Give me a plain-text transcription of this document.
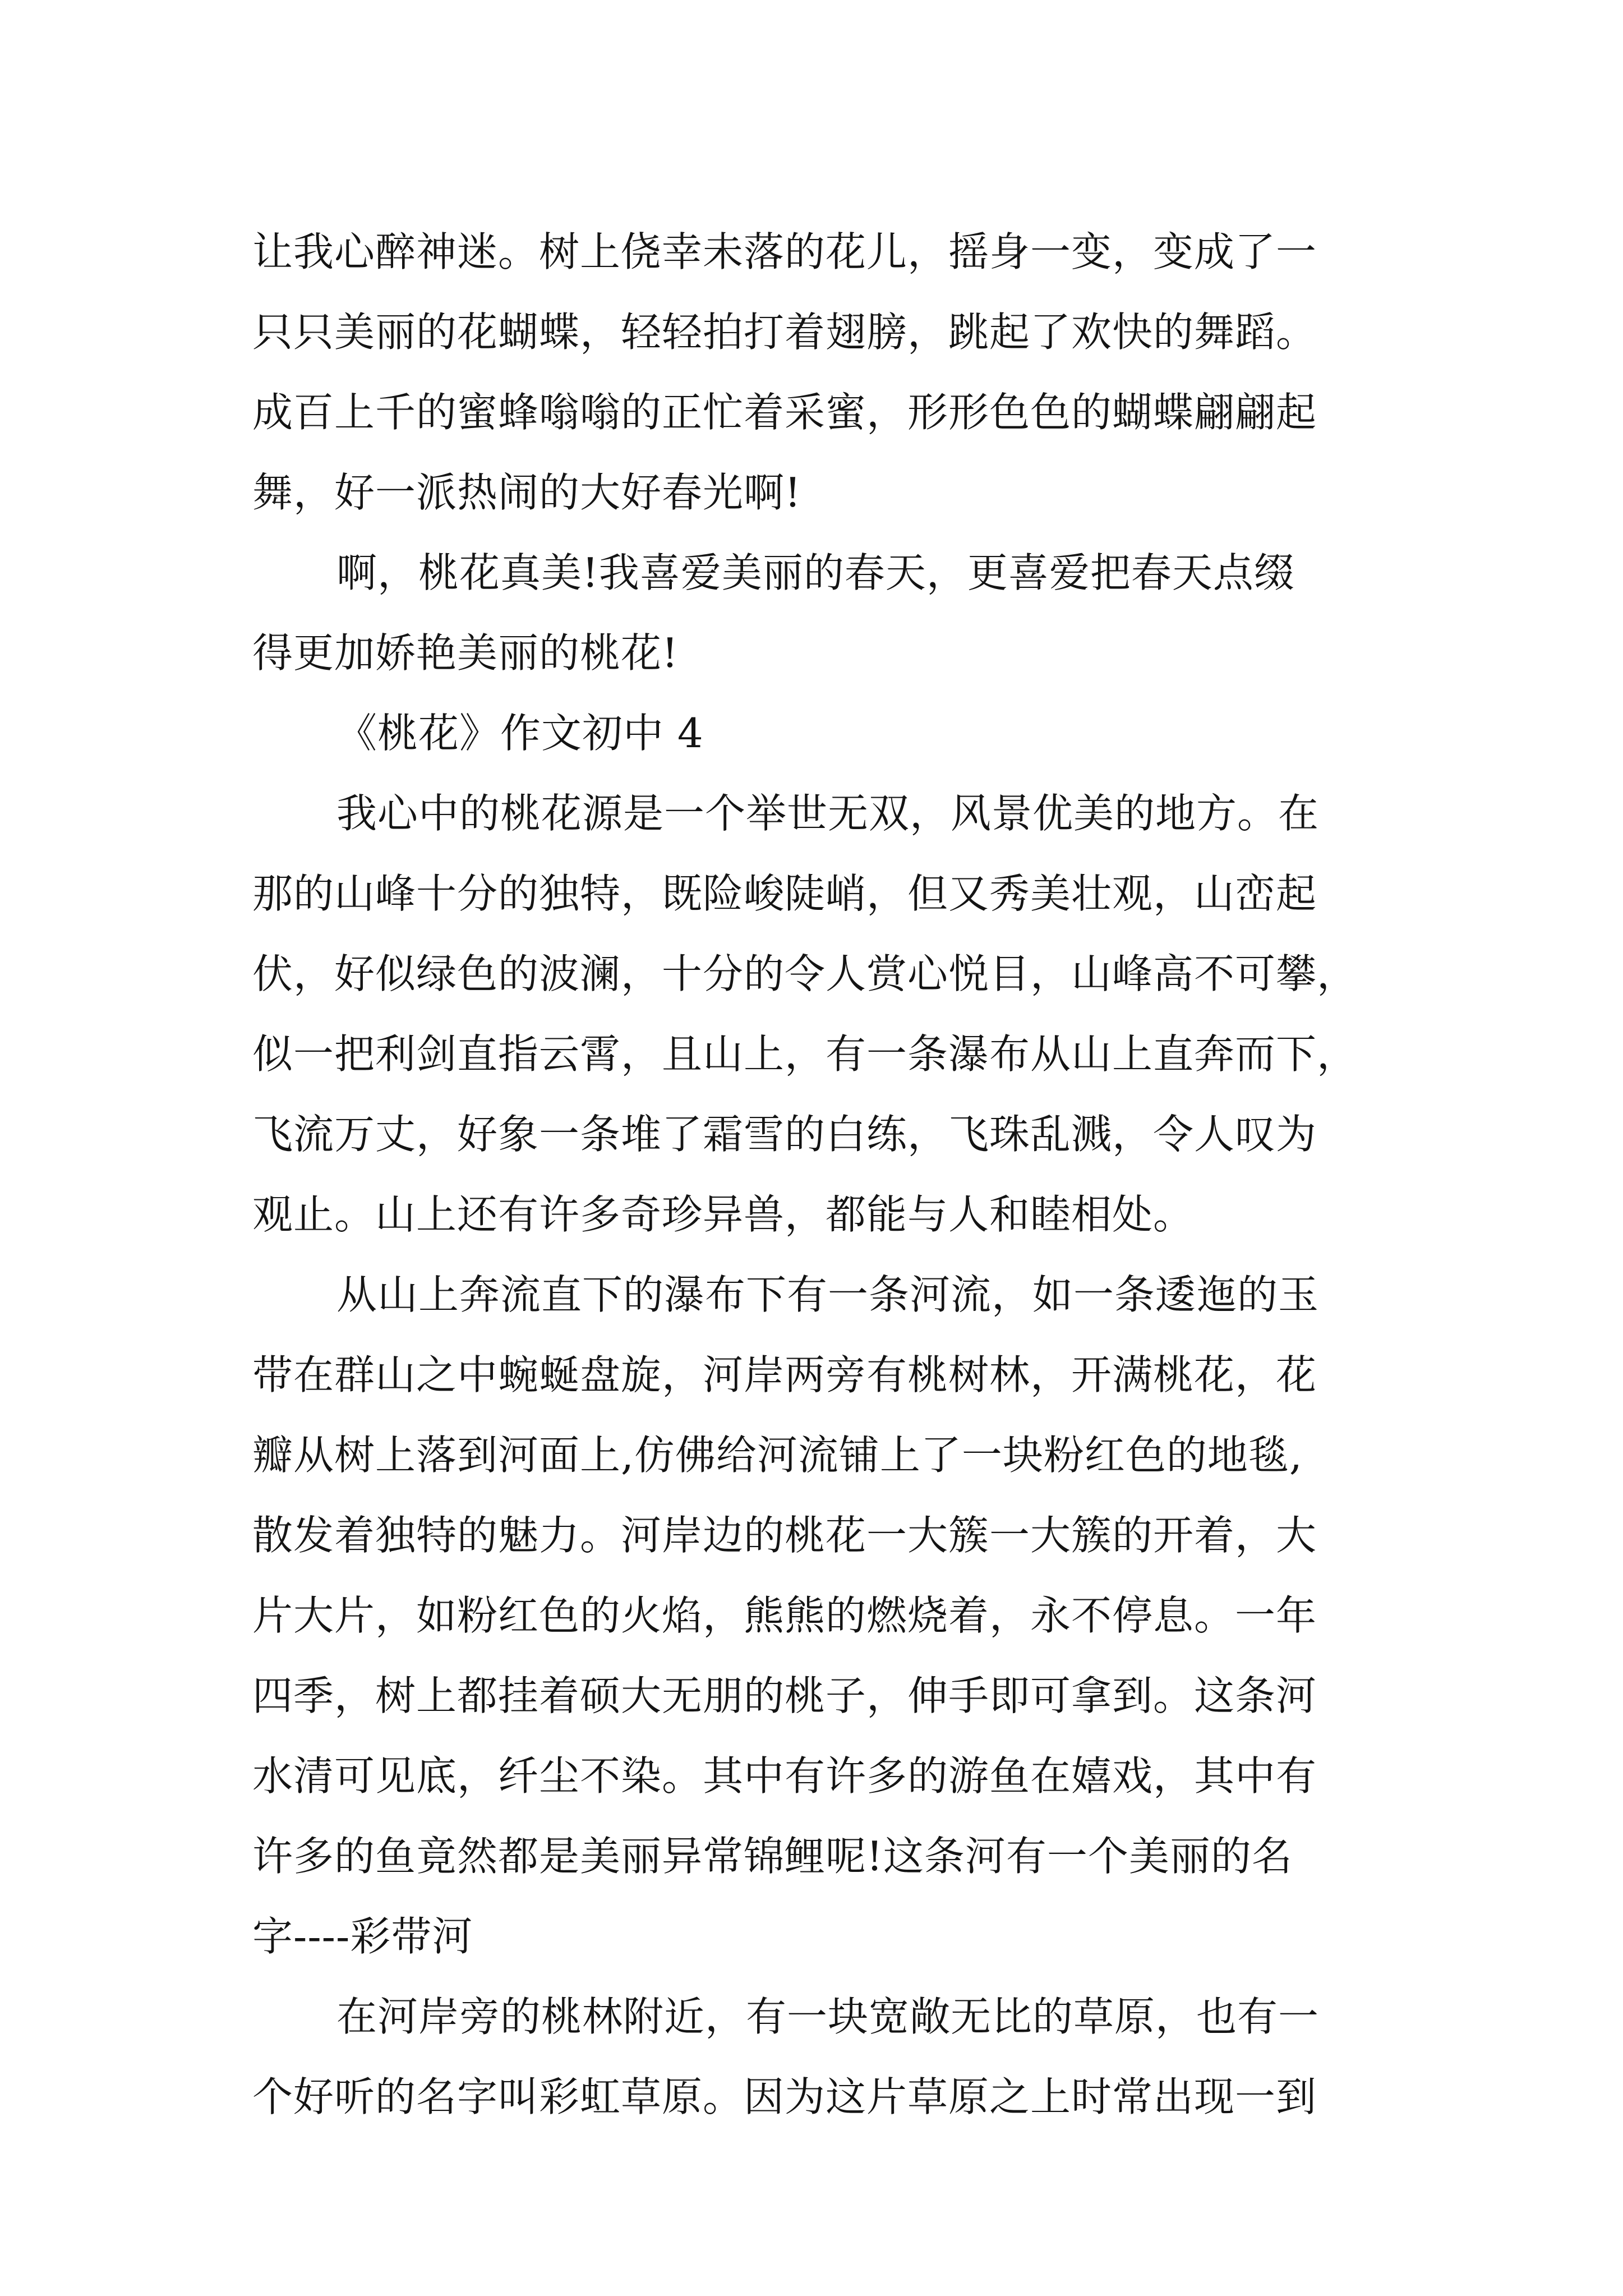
让我心醉神迷。树上侥幸未落的花儿，摇身一变，变成了一
只只美丽的花蝴蝶，轻轻拍打着翅膀，跳起了欢快的舞蹈。
成百上千的蜜蜂嗡嗡的正忙着采蜜，形形色色的蝴蝶翩翩起
舞，好一派热闹的大好春光啊!
啊，桃花真美!我喜爱美丽的春天，更喜爱把春天点缀
得更加娇艳美丽的桃花!
《桃花》作文初中 4
我心中的桃花源是一个举世无双，风景优美的地方。在
那的山峰十分的独特，既险峻陡峭，但又秀美壮观，山峦起
伏，好似绿色的波澜，十分的令人赏心悦目，山峰高不可攀，
似一把利剑直指云霄，且山上，有一条瀑布从山上直奔而下，
飞流万丈，好象一条堆了霜雪的白练，飞珠乱溅，令人叹为
观止。山上还有许多奇珍异兽，都能与人和睦相处。
从山上奔流直下的瀑布下有一条河流，如一条逶迤的玉
带在群山之中蜿蜒盘旋，河岸两旁有桃树林，开满桃花，花
瓣从树上落到河面上,仿佛给河流铺上了一块粉红色的地毯,
散发着独特的魅力。河岸边的桃花一大簇一大簇的开着，大
片大片，如粉红色的火焰，熊熊的燃烧着，永不停息。一年
四季，树上都挂着硕大无朋的桃子，伸手即可拿到。这条河
水清可见底，纤尘不染。其中有许多的游鱼在嬉戏，其中有
许多的鱼竟然都是美丽异常锦鲤呢!这条河有一个美丽的名
字----彩带河
在河岸旁的桃林附近，有一块宽敞无比的草原，也有一
个好听的名字叫彩虹草原。因为这片草原之上时常出现一到
